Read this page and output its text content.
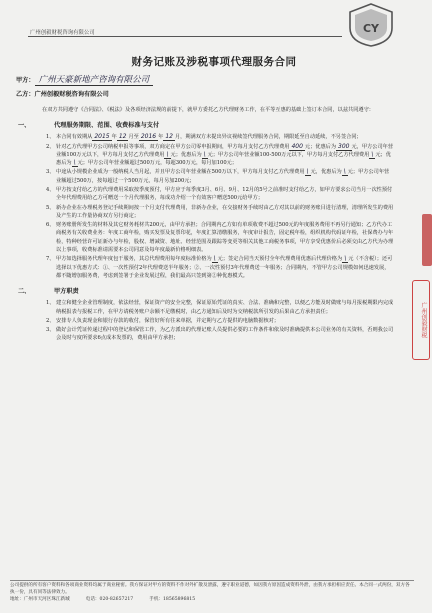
广州创毅财税咨询有限公司	CY
财务记账及涉税事项代理服务合同
甲方： 广州天豪新地产咨询有限公司
乙方：广州创毅财税咨询有限公司
在双方共同遵守《合同法》、《税法》及各项经济法规的前提下，就甲方委托乙方代理财务工作，在平等互惠的基础上签订本合同，以兹共同遵守：
一、	代理服务期限、范围、收费标准与支付
1、 本合同有效期从 2015 年 12 月至 2016 年 12 月，期满双方未提出异议视续签代理服务合同，期限延至自动延续，不另签合同；
2、 针对乙方代理甲方公司纳税申报等事项，双方商定在甲方公司零申报期间，甲方每月支付乙方代理费用 400 元；优惠后为 300 元，甲方公司年营业额100万元以下，甲方每月支付乙方代理费用 \ 元；优惠后为 \ 元；甲方公司年营业额100-500万元以下，甲方每月支付乙方代理费用 \ 元；优惠后为 \ 元；甲方公司年营业额超过500万元，每超300万元，每月加100元；
3、 中途从小规模企业成为一般纳税人当月起，并且甲方公司年营业额在500万以下，甲方每月支付乙方代理费用 \ 元，优惠后为 \ 元；甲方公司年营业额超过500万，按每超过一个500万元，每月另加200元；
4、 甲方按支付给乙方的代理费用采取按季度预付，甲方应于每季度3月、6月、9月、12月的5号之前准时支付给乙方，如甲方要求公司当月一次性预付全年代理费用给乙方可赠送一个月代理服务，每成功介绍一个有效客户赠送500元给甲方；
5、 新办企业在办理税务登记手续期间按一个月支付代理费用，非新办企业，在交接财务手续时由乙方对其以前的财务账目进行清理，清理所发生的费用及产生的工作量协商双方另行商定；
6、 财务账册所发生的材料及其它财务耗材共200元，由甲方承担；合同期内乙方如有单项收费不超过500元的年度服务费用不再另行通知；乙方代办工商税务有关收费业务：年度工商年检，购买发票及复票印花，年度汇算清缴服务，年度审计报告，固定税年检，组织机构代码证年检，社保费办与年检，特种经营许可证新办与年检，股权、增减资、地址、经营范围及跟踪等变更等相关其他工商税务事项，甲方享受优惠价后必须交由乙方代为办理以上事项，收费标准请需要本公司同意及每年度最新价格明细表。
7、 甲方如选择服务代理年度包干服务，其总代理费用每年度标准价格为 \ 元；签定合同当天预付全年代理费用优惠后代理价格为 \ 元（不含税）；还可选择以下优惠方式：①、一次性预付2年代理费送半年服务；②、一次性预付3年代理费送一年服务；合同期内，不管甲方公司规模如何迅速发展，都不随增加服务费，考虑到签署于企业发展过程，我们最高只签到第②种优惠模式。
二、	甲方职责
1、 建立和健全企业管理制度，依法经营，保证资产的安全完整，保证原始凭证的真实、合法、准确和完整，以便乙方能及时做账与每月报税期限内完成纳税报表与报税工作，在甲方请税务账户余额不足缴税时，由乙方通知后及时为交纳税款所引发的后果由乙方承担责任；
2、 安排专人负责现金和银行存款的收付，保管好所有往来单据，并定期与乙方提供的电脑数据核对；
3、 做好会计凭证传递过程中的登记和保管工作，为乙方派出的代理记账人员提供必要的工作条件和依及时准确提供本公司业务的有关资料，否则我公司会及时与度所要求6点成本发票的，费用由甲方承担；
广州创毅财税
公司提供的所有客户资料和各项商业资料均属于商业秘密。我方保证对甲方的资料不作对外扩散及泄露，遵守职业道德，如因我方原因造成资料外泄，由我方承担相应责任。本合同一式两份，双方各执一份，具有同等法律效力。
地址：广州市天河区珠江新城	电话：020-82657217	手机：18565896815
